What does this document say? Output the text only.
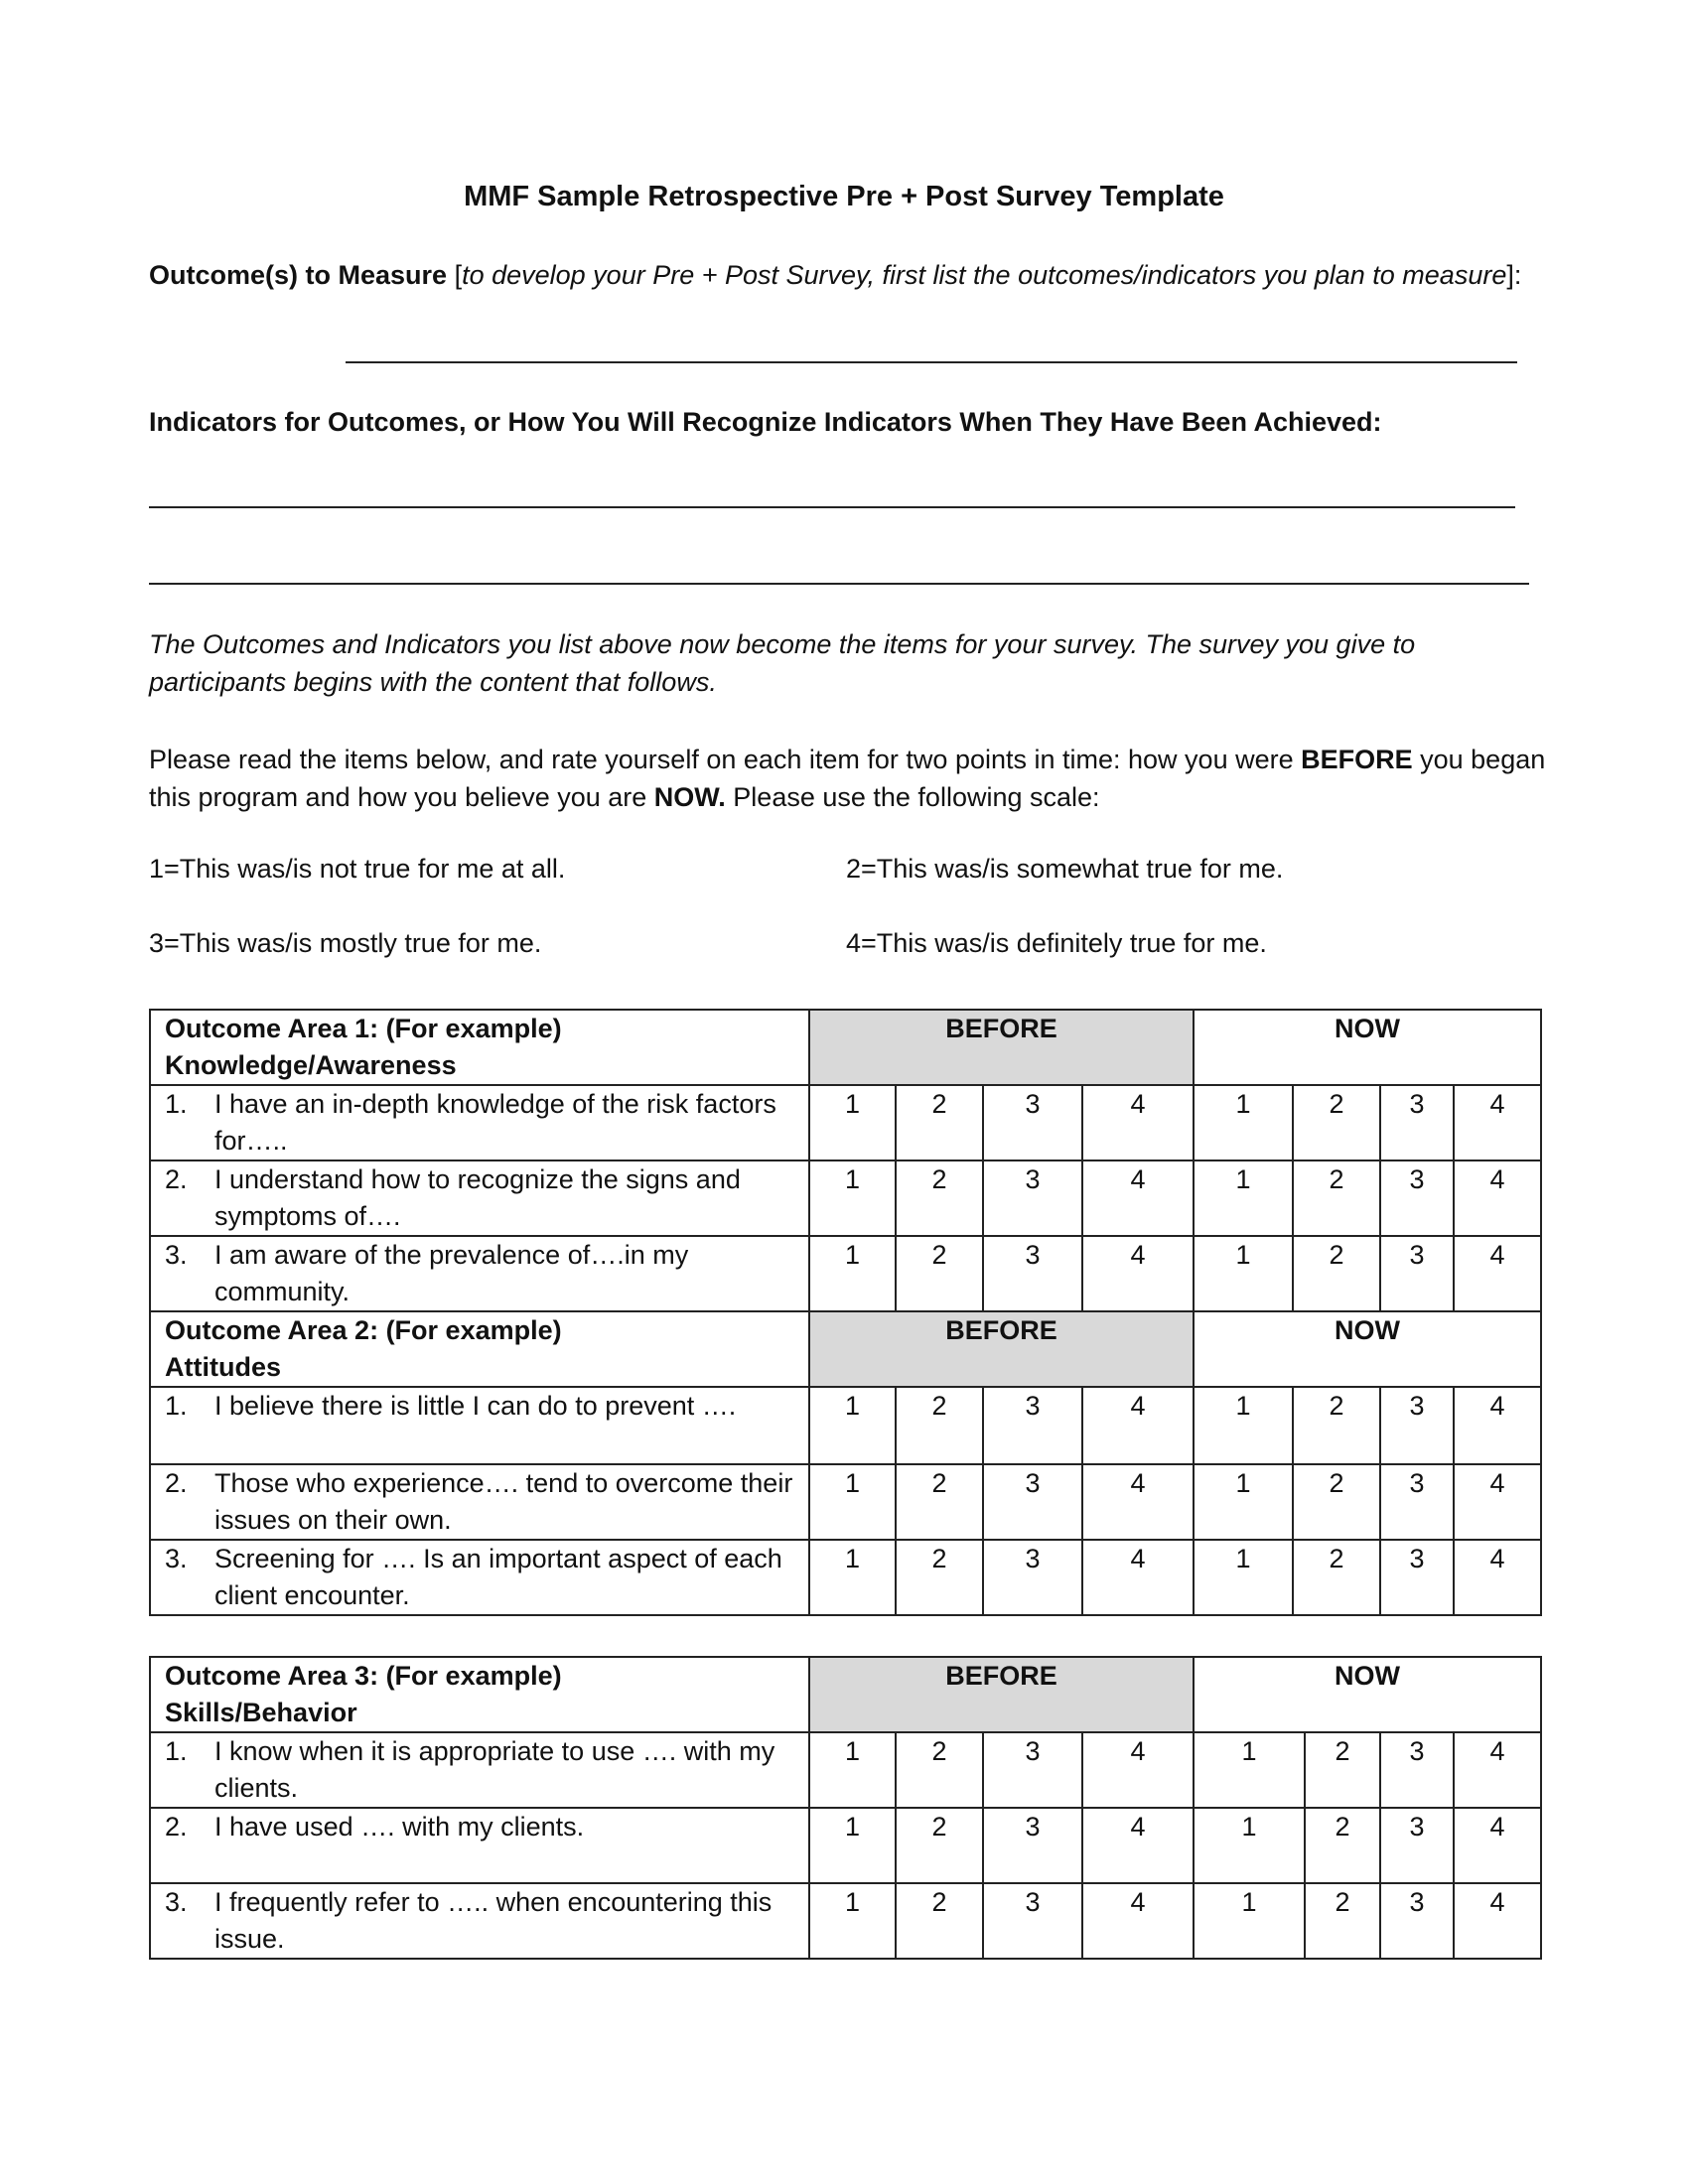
MMF Sample Retrospective Pre + Post Survey Template
Outcome(s) to Measure [to develop your Pre + Post Survey, first list the outcomes/indicators you plan to measure]:
Indicators for Outcomes, or How You Will Recognize Indicators When They Have Been Achieved:
The Outcomes and Indicators you list above now become the items for your survey. The survey you give to participants begins with the content that follows.
Please read the items below, and rate yourself on each item for two points in time: how you were BEFORE you began this program and how you believe you are NOW. Please use the following scale:
1=This was/is not true for me at all.	2=This was/is somewhat true for me.
3=This was/is mostly true for me.	4=This was/is definitely true for me.
Outcome Area 1: (For example)
Knowledge/Awareness	BEFORE				NOW			

1. I have an in-depth knowledge of the risk factors for…..	1	2	3	4	1	2	3	4

2. I understand how to recognize the signs and symptoms of….	1	2	3	4	1	2	3	4

3. I am aware of the prevalence of….in my community.	1	2	3	4	1	2	3	4

Outcome Area 2: (For example)
Attitudes	BEFORE				NOW			

1. I believe there is little I can do to prevent ….	1	2	3	4	1	2	3	4

2. Those who experience…. tend to overcome their issues on their own.	1	2	3	4	1	2	3	4

3. Screening for …. Is an important aspect of each client encounter.	1	2	3	4	1	2	3	4
Outcome Area 3: (For example)
Skills/Behavior	BEFORE				NOW			

1. I know when it is appropriate to use …. with my clients.	1	2	3	4	1	2	3	4

2. I have used …. with my clients.	1	2	3	4	1	2	3	4

3. I frequently refer to ….. when encountering this issue.	1	2	3	4	1	2	3	4
